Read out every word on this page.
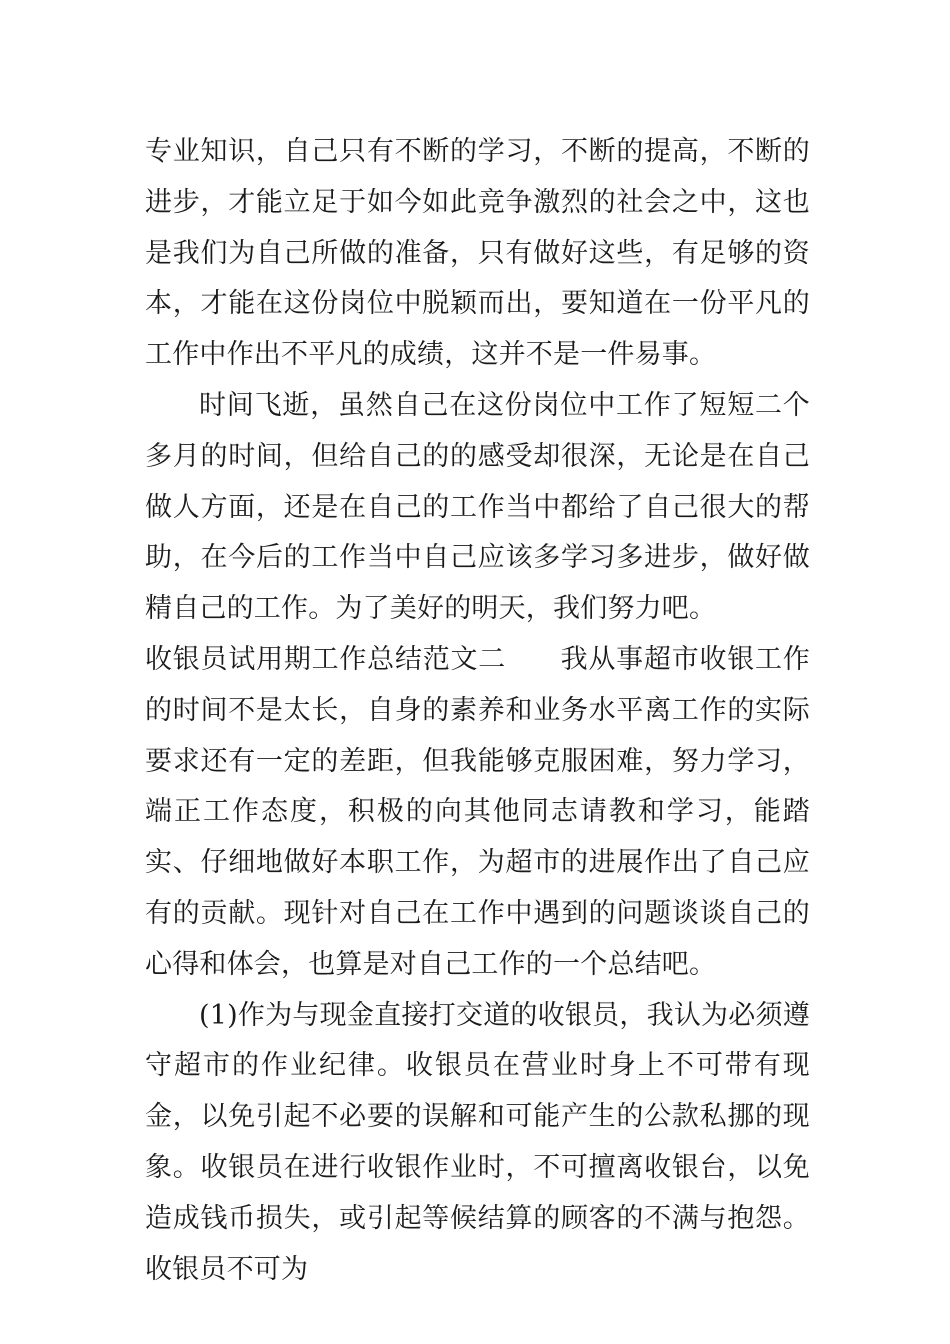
专业知识，自己只有不断的学习，不断的提高，不断的进步，才能立足于如今如此竞争激烈的社会之中，这也是我们为自己所做的准备，只有做好这些，有足够的资本，才能在这份岗位中脱颖而出，要知道在一份平凡的工作中作出不平凡的成绩，这并不是一件易事。

时间飞逝，虽然自己在这份岗位中工作了短短二个多月的时间，但给自己的的感受却很深，无论是在自己做人方面，还是在自己的工作当中都给了自己很大的帮助，在今后的工作当中自己应该多学习多进步，做好做精自己的工作。为了美好的明天，我们努力吧。

收银员试用期工作总结范文二 我从事超市收银工作的时间不是太长，自身的素养和业务水平离工作的实际要求还有一定的差距，但我能够克服困难，努力学习，端正工作态度，积极的向其他同志请教和学习，能踏实、仔细地做好本职工作，为超市的进展作出了自己应有的贡献。现针对自己在工作中遇到的问题谈谈自己的心得和体会，也算是对自己工作的一个总结吧。

(1)作为与现金直接打交道的收银员，我认为必须遵守超市的作业纪律。收银员在营业时身上不可带有现金，以免引起不必要的误解和可能产生的公款私挪的现象。收银员在进行收银作业时，不可擅离收银台，以免造成钱币损失，或引起等候结算的顾客的不满与抱怨。收银员不可为
